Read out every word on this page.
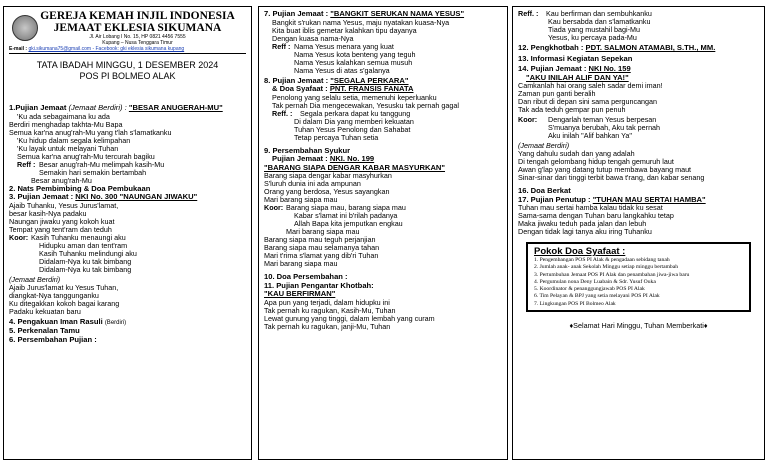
GEREJA KEMAH INJIL INDONESIA
JEMAAT EKLESIA SIKUMANA
Jl. Air Lobang I No. 15, HP 0821 4456 7555
Kupang – Nusa Tenggara Timur
E-mail : gki.sikumana75@gmail.com - Facebook: gki eklesia sikumana kupang
TATA IBADAH MINGGU, 1 DESEMBER 2024
POS PI BOLMEO ALAK
1.Pujian Jemaat (Jemaat Berdiri) : "BESAR ANUGERAH-MU"
'Ku ada sebagaimana ku ada
Berdiri menghadap takhta-Mu Bapa
Semua kar'na anug'rah-Mu yang t'lah s'lamatkanku
'Ku hidup dalam segala kelimpahan
'Ku layak untuk melayani Tuhan
Semua kar'na anug'rah-Mu tercurah bagiku
Reff : Besar anug'rah-Mu melimpah kasih-Mu
Semakin hari semakin bertambah
Besar anug'rah-Mu
2. Nats Pembimbing & Doa Pembukaan
3. Pujian Jemaat : NKI No. 300 "NAUNGAN JIWAKU"
Ajaib Tuhanku, Yesus Jurus'lamat,
besar kasih-Nya padaku
Naungan jiwaku yang kokoh kuat
Tempat yang tent'ram dan teduh
Koor: Kasih Tuhanku menaungi aku
Hidupku aman dan tent'ram
Kasih Tuhanku melindungi aku
Didalam-Nya ku tak bimbang
Didalam-Nya ku tak bimbang
(Jemaat Berdiri)
Ajaib Jurus'lamat ku Yesus Tuhan,
diangkat-Nya tanggunganku
Ku ditegakkan kokoh bagai karang
Padaku kekuatan baru
4. Pengakuan Iman Rasuli (Berdiri)
5. Perkenalan Tamu
6. Persembahan Pujian :
7. Pujian Jemaat : "BANGKIT SERUKAN NAMA YESUS"
Bangkit s'rukan nama Yesus, maju nyatakan kuasa-Nya
Kita buat iblis gemetar kalahkan tipu dayanya
Dengan kuasa nama-Nya
Reff : Nama Yesus menara yang kuat
Nama Yesus kota benteng yang teguh
Nama Yesus kalahkan semua musuh
Nama Yesus di atas s'galanya
8. Pujian Jemaat : "SEGALA PERKARA"
& Doa Syafaat : PNT. FRANSIS FANATA
Penolong yang selalu setia, memenuhi keperluanku
Tak pernah Dia mengecewakan, Yesusku tak pernah gagal
Reff. : Segala perkara dapat ku tanggung
Di dalam Dia yang memberi kekuatan
Tuhan Yesus Penolong dan Sahabat
Tetap percaya Tuhan setia
9. Persembahan Syukur
Pujian Jemaat : NKI. No. 199
"BARANG SIAPA DENGAR KABAR MASYURKAN"
Barang siapa dengar kabar masyhurkan
S'luruh dunia ini ada ampunan
Orang yang berdosa, Yesus sayangkan
Mari barang siapa mau
Koor: Barang siapa mau, barang siapa mau
Kabar s'lamat ini b'rilah padanya
Allah Bapa kita jemputkan engkau
Mari barang siapa mau
Barang siapa mau teguh perjanjian
Barang siapa mau selamanya tahan
Mari t'rima s'lamat yang dib'ri Tuhan
Mari barang siapa mau
10. Doa Persembahan :
11. Pujian Pengantar Khotbah:
"KAU BERFIRMAN"
Apa pun yang terjadi, dalam hidupku ini
Tak pernah ku ragukan, Kasih-Mu, Tuhan
Lewat gunung yang tinggi, dalam lembah yang curam
Tak pernah ku ragukan, janji-Mu, Tuhan
Reff. : Kau berfirman dan sembuhkanku
Kau bersabda dan s'lamatkanku
Tiada yang mustahil bagi-Mu
Yesus, ku percaya pada-Mu
12. Pengkhotbah : PDT. SALMON ATAMABI, S.TH., MM.
13. Informasi Kegiatan Sepekan
14. Pujian Jemaat : NKI No. 159
"AKU INILAH ALIF DAN YA!"
Camkanlah hai orang saleh sadar demi iman!
Zaman pun ganti beralih
Dan ribut di depan sini sama perguncangan
Tak ada teduh gempar pun penuh
Koor: Dengarlah teman Yesus berpesan
S'muanya berubah, Aku tak pernah
Aku inilah "Alif bahkan Ya"
(Jemaat Berdiri)
Yang dahulu sudah dan yang adalah
Di tengah gelombang hidup tengah gemuruh laut
Awan g'lap yang datang tutup membawa bayang maut
Sinar-sinar dari tinggi terbit bawa t'rang, dan kabar senang
16. Doa Berkat
17. Pujian Penutup : "TUHAN MAU SERTAI HAMBA"
Tuhan mau sertai hamba kalau tidak ku sesat
Sama-sama dengan Tuhan baru langkahku tetap
Maka jiwaku teduh pada jalan dan lebuh
Dengan tidak lagi tanya aku iring Tuhanku
Pokok Doa Syafaat :
1. Pengembangan POS PI Alak & pengadaan sebidang tanah
2. Jumlah anak- anak Sekolah Minggu setiap minggu bertambah
3. Pertumbuhan Jemaat POS PI Alak dan penambahan jiwa-jiwa baru
4. Pergumulan nona Deny Luabain & Sdr. Yusuf Ouka
5. Koordinator & penanggungjawab POS PI Alak
6. Tim Pelayan & BPJ yang setia melayani POS PI Alak
7. Lingkungan POS PI Bolmeo Alak
♦Selamat Hari Minggu, Tuhan Memberkati♦
